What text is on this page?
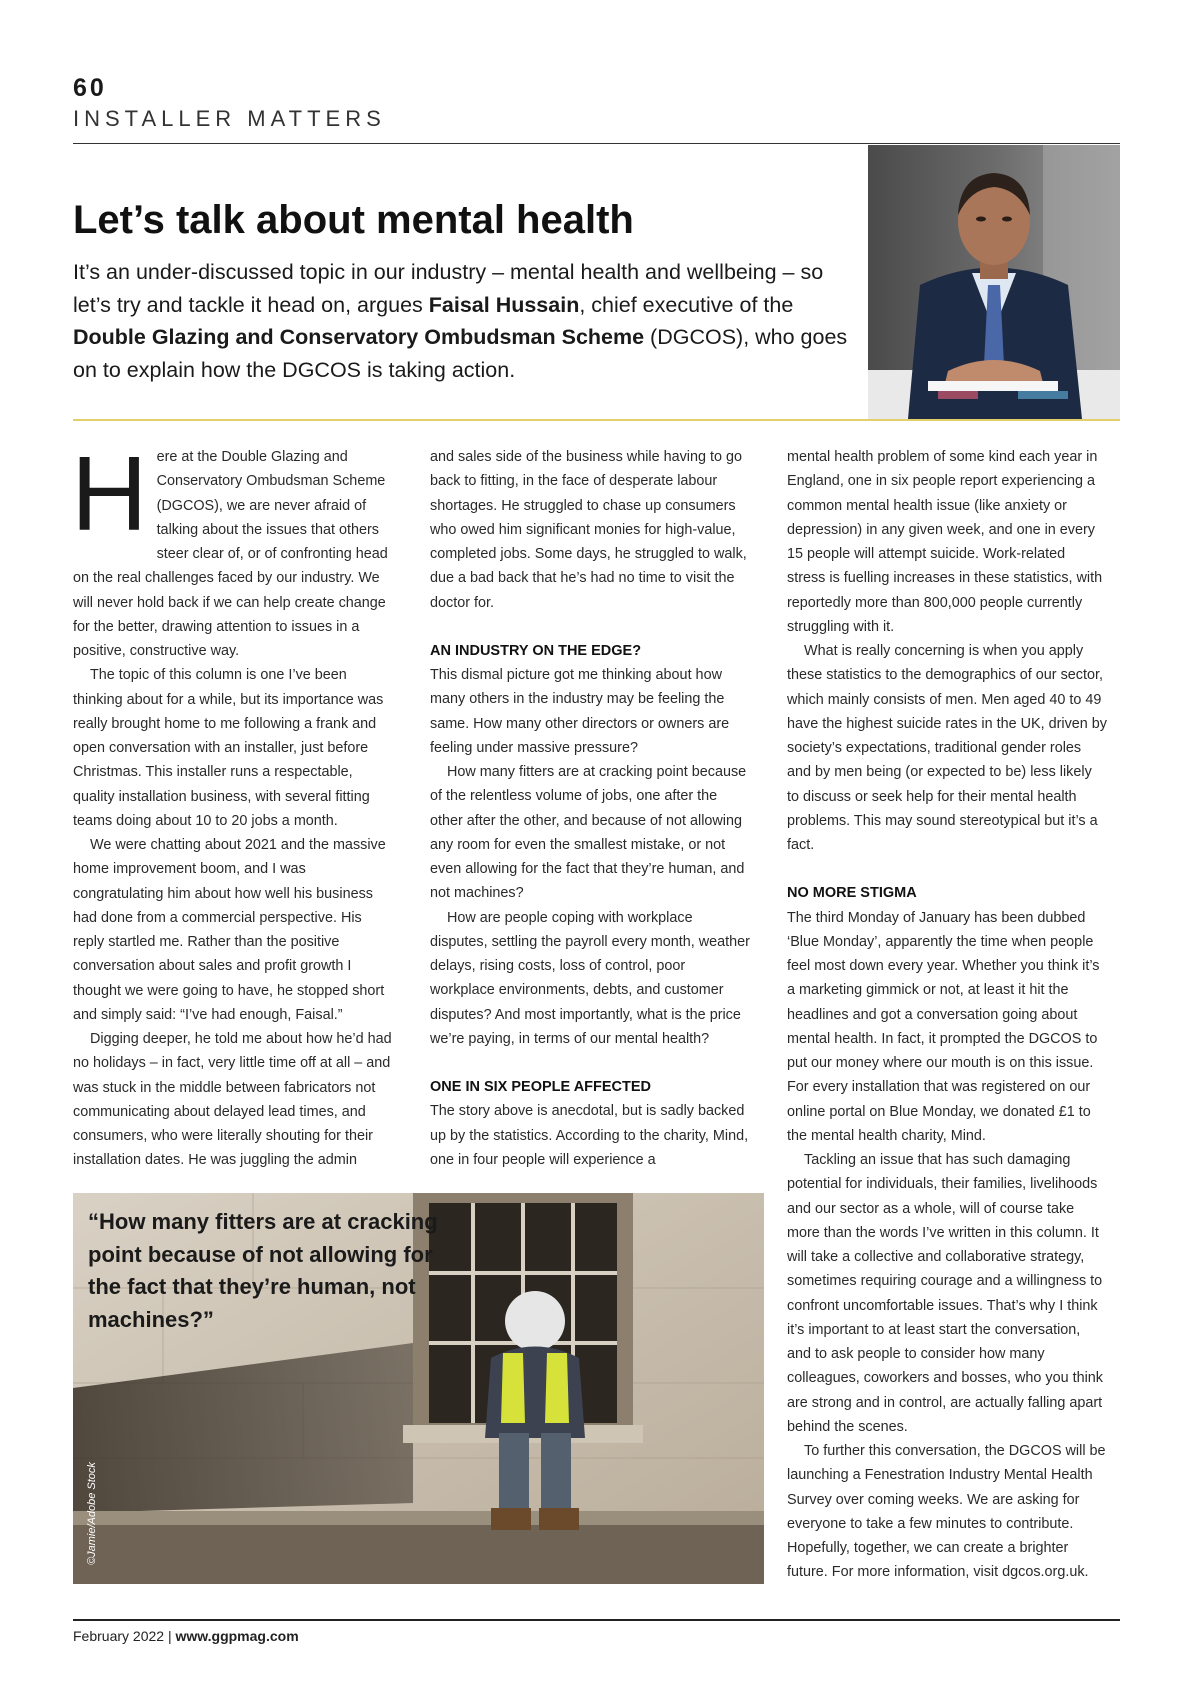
60
INSTALLER MATTERS
Let’s talk about mental health

It’s an under-discussed topic in our industry – mental health and wellbeing – so let’s try and tackle it head on, argues Faisal Hussain, chief executive of the Double Glazing and Conservatory Ombudsman Scheme (DGCOS), who goes on to explain how the DGCOS is taking action.

Here at the Double Glazing and Conservatory Ombudsman Scheme (DGCOS), we are never afraid of talking about the issues that others steer clear of, or of confronting head on the real challenges faced by our industry. We will never hold back if we can help create change for the better, drawing attention to issues in a positive, constructive way.

The topic of this column is one I’ve been thinking about for a while, but its importance was really brought home to me following a frank and open conversation with an installer, just before Christmas. This installer runs a respectable, quality installation business, with several fitting teams doing about 10 to 20 jobs a month.

We were chatting about 2021 and the massive home improvement boom, and I was congratulating him about how well his business had done from a commercial perspective. His reply startled me. Rather than the positive conversation about sales and profit growth I thought we were going to have, he stopped short and simply said: “I’ve had enough, Faisal.”

Digging deeper, he told me about how he’d had no holidays – in fact, very little time off at all – and was stuck in the middle between fabricators not communicating about delayed lead times, and consumers, who were literally shouting for their installation dates. He was juggling the admin

and sales side of the business while having to go back to fitting, in the face of desperate labour shortages. He struggled to chase up consumers who owed him significant monies for high-value, completed jobs. Some days, he struggled to walk, due a bad back that he’s had no time to visit the doctor for.

AN INDUSTRY ON THE EDGE?

This dismal picture got me thinking about how many others in the industry may be feeling the same. How many other directors or owners are feeling under massive pressure?

How many fitters are at cracking point because of the relentless volume of jobs, one after the other after the other, and because of not allowing any room for even the smallest mistake, or not even allowing for the fact that they’re human, and not machines?

How are people coping with workplace disputes, settling the payroll every month, weather delays, rising costs, loss of control, poor workplace environments, debts, and customer disputes? And most importantly, what is the price we’re paying, in terms of our mental health?

ONE IN SIX PEOPLE AFFECTED

The story above is anecdotal, but is sadly backed up by the statistics. According to the charity, Mind, one in four people will experience a

mental health problem of some kind each year in England, one in six people report experiencing a common mental health issue (like anxiety or depression) in any given week, and one in every 15 people will attempt suicide. Work-related stress is fuelling increases in these statistics, with reportedly more than 800,000 people currently struggling with it.

What is really concerning is when you apply these statistics to the demographics of our sector, which mainly consists of men. Men aged 40 to 49 have the highest suicide rates in the UK, driven by society’s expectations, traditional gender roles and by men being (or expected to be) less likely to discuss or seek help for their mental health problems. This may sound stereotypical but it’s a fact.

NO MORE STIGMA

The third Monday of January has been dubbed ‘Blue Monday’, apparently the time when people feel most down every year. Whether you think it’s a marketing gimmick or not, at least it hit the headlines and got a conversation going about mental health. In fact, it prompted the DGCOS to put our money where our mouth is on this issue. For every installation that was registered on our online portal on Blue Monday, we donated £1 to the mental health charity, Mind.

Tackling an issue that has such damaging potential for individuals, their families, livelihoods and our sector as a whole, will of course take more than the words I’ve written in this column. It will take a collective and collaborative strategy, sometimes requiring courage and a willingness to confront uncomfortable issues. That’s why I think it’s important to at least start the conversation, and to ask people to consider how many colleagues, coworkers and bosses, who you think are strong and in control, are actually falling apart behind the scenes.

To further this conversation, the DGCOS will be launching a Fenestration Industry Mental Health Survey over coming weeks. We are asking for everyone to take a few minutes to contribute. Hopefully, together, we can create a brighter future. For more information, visit dgcos.org.uk.

“How many fitters are at cracking point because of not allowing for the fact that they’re human, not machines?”
©Jamie/Adobe Stock
February 2022 | www.ggpmag.com
